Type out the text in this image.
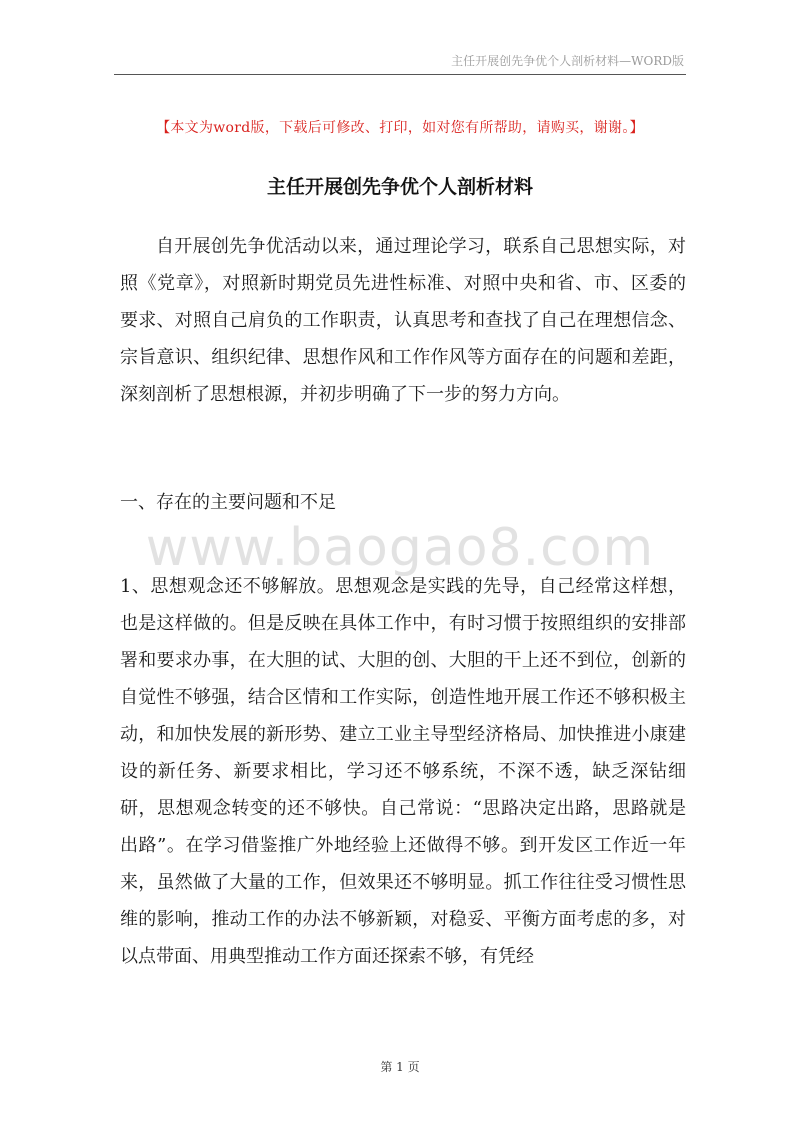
主任开展创先争优个人剖析材料—WORD版
【本文为word版，下载后可修改、打印，如对您有所帮助，请购买，谢谢。】
主任开展创先争优个人剖析材料
自开展创先争优活动以来，通过理论学习，联系自己思想实际，对照《党章》，对照新时期党员先进性标准、对照中央和省、市、区委的要求、对照自己肩负的工作职责，认真思考和查找了自己在理想信念、宗旨意识、组织纪律、思想作风和工作作风等方面存在的问题和差距，深刻剖析了思想根源，并初步明确了下一步的努力方向。
一、存在的主要问题和不足
www.baogao8.com
1、思想观念还不够解放。思想观念是实践的先导，自己经常这样想，也是这样做的。但是反映在具体工作中，有时习惯于按照组织的安排部署和要求办事，在大胆的试、大胆的创、大胆的干上还不到位，创新的自觉性不够强，结合区情和工作实际，创造性地开展工作还不够积极主动，和加快发展的新形势、建立工业主导型经济格局、加快推进小康建设的新任务、新要求相比，学习还不够系统，不深不透，缺乏深钻细研，思想观念转变的还不够快。自己常说：“思路决定出路，思路就是出路”。在学习借鉴推广外地经验上还做得不够。到开发区工作近一年来，虽然做了大量的工作，但效果还不够明显。抓工作往往受习惯性思维的影响，推动工作的办法不够新颖，对稳妥、平衡方面考虑的多，对以点带面、用典型推动工作方面还探索不够，有凭经
第 1 页
